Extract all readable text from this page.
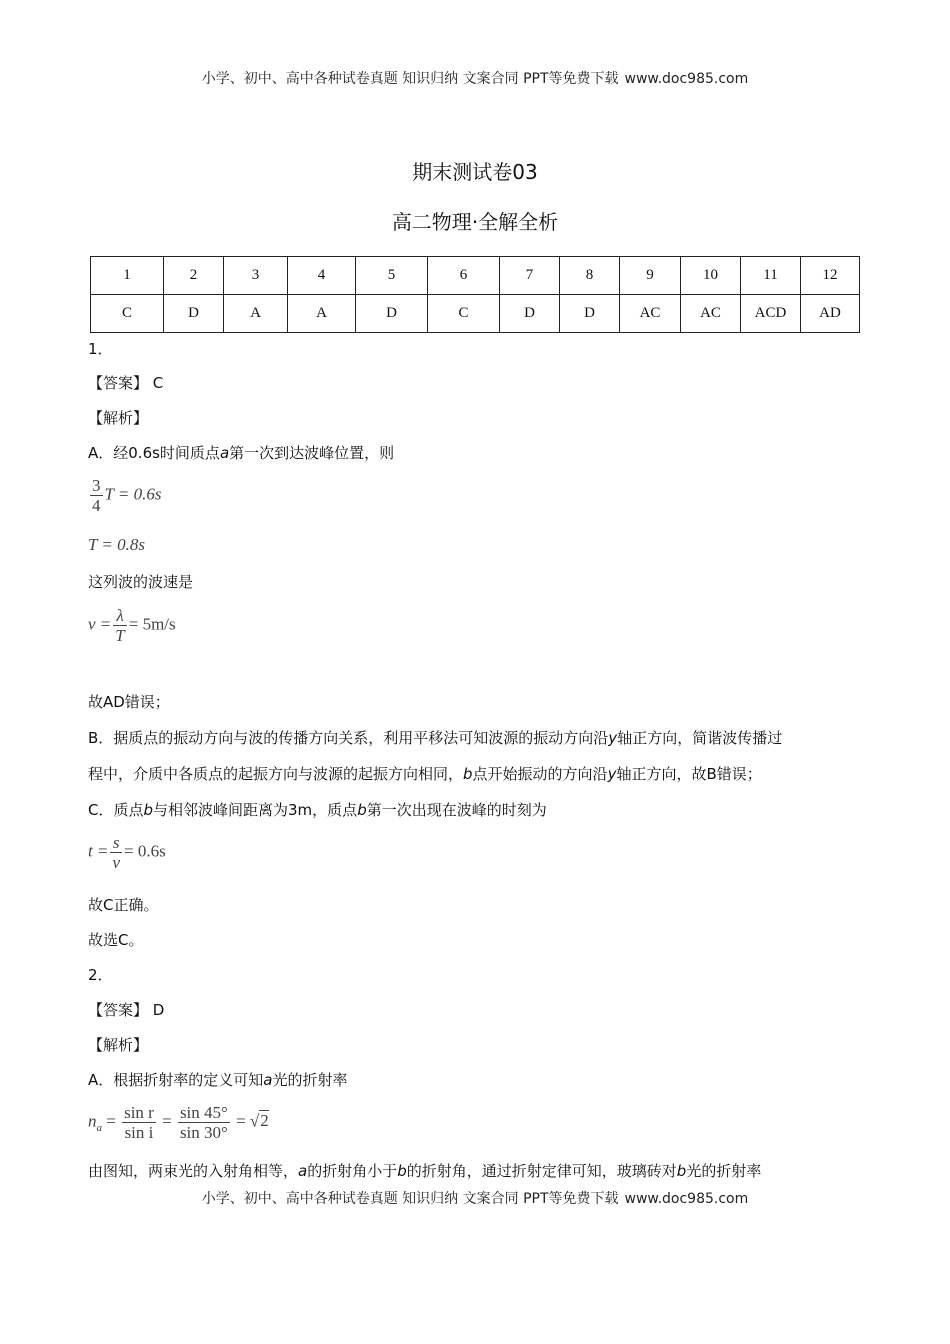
小学、初中、高中各种试卷真题 知识归纳 文案合同 PPT等免费下载 www.doc985.com
期末测试卷03
高二物理·全解全析
1	2	3	4	5	6	7	8	9	10	11	12
C	D	A	A	D	C	D	D	AC	AC	ACD	AD
1．
【答案】 C
【解析】
A．经0.6s时间质点a第一次到达波峰位置，则
$\frac{3}{4}$ T = 0.6s
T = 0.8s
这列波的波速是
$v = \frac{\lambda}{T} = 5m/s$
故AD错误；
B．据质点的振动方向与波的传播方向关系，利用平移法可知波源的振动方向沿y轴正方向，简谐波传播过
程中，介质中各质点的起振方向与波源的起振方向相同，b点开始振动的方向沿y轴正方向，故B错误；
C．质点b与相邻波峰间距离为3m，质点b第一次出现在波峰的时刻为
$t = \frac{s}{v} = 0.6s$
故C正确。
故选C。
2．
【答案】 D
【解析】
A．根据折射率的定义可知a光的折射率
$n_a = \frac{\text{sin r}}{\text{sin i}} = \frac{\sin 45^\circ}{\sin 30^\circ} = √2$
由图知，两束光的入射角相等，a的折射角小于b的折射角，通过折射定律可知，玻璃砖对b光的折射率
小学、初中、高中各种试卷真题 知识归纳 文案合同 PPT等免费下载 www.doc985.com
